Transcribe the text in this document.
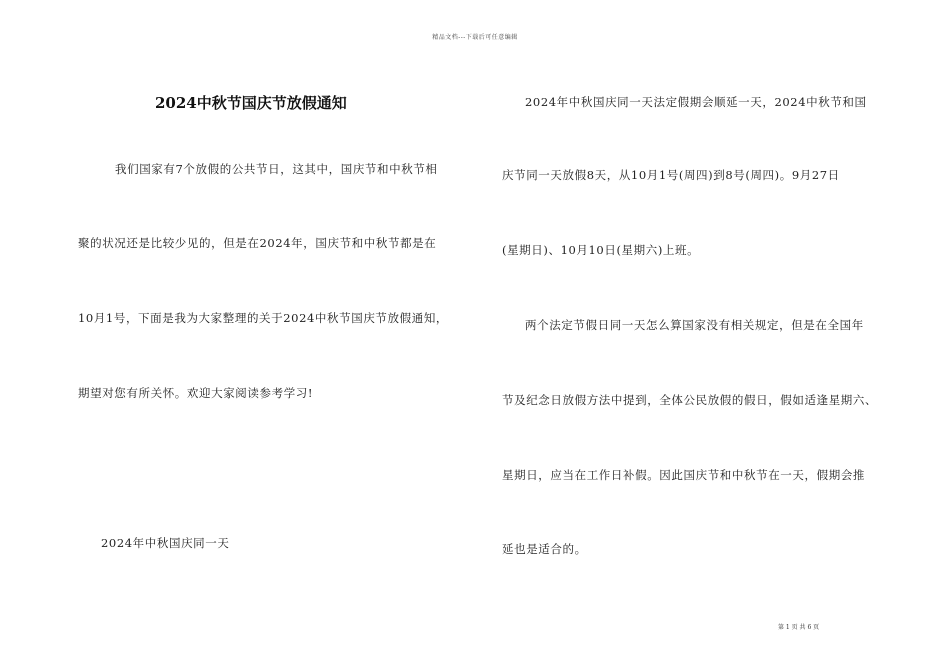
精品文档---下载后可任意编辑
2024中秋节国庆节放假通知
我们国家有7个放假的公共节日，这其中，国庆节和中秋节相
聚的状况还是比较少见的，但是在2024年，国庆节和中秋节都是在
10月1号，下面是我为大家整理的关于2024中秋节国庆节放假通知，
期望对您有所关怀。欢迎大家阅读参考学习!
2024年中秋国庆同一天
2024年中秋国庆同一天法定假期会顺延一天，2024中秋节和国
庆节同一天放假8天，从10月1号(周四)到8号(周四)。9月27日
(星期日)、10月10日(星期六)上班。
两个法定节假日同一天怎么算国家没有相关规定，但是在全国年
节及纪念日放假方法中提到，全体公民放假的假日，假如适逢星期六、
星期日，应当在工作日补假。因此国庆节和中秋节在一天，假期会推
延也是适合的。
第 1 页 共 6 页
